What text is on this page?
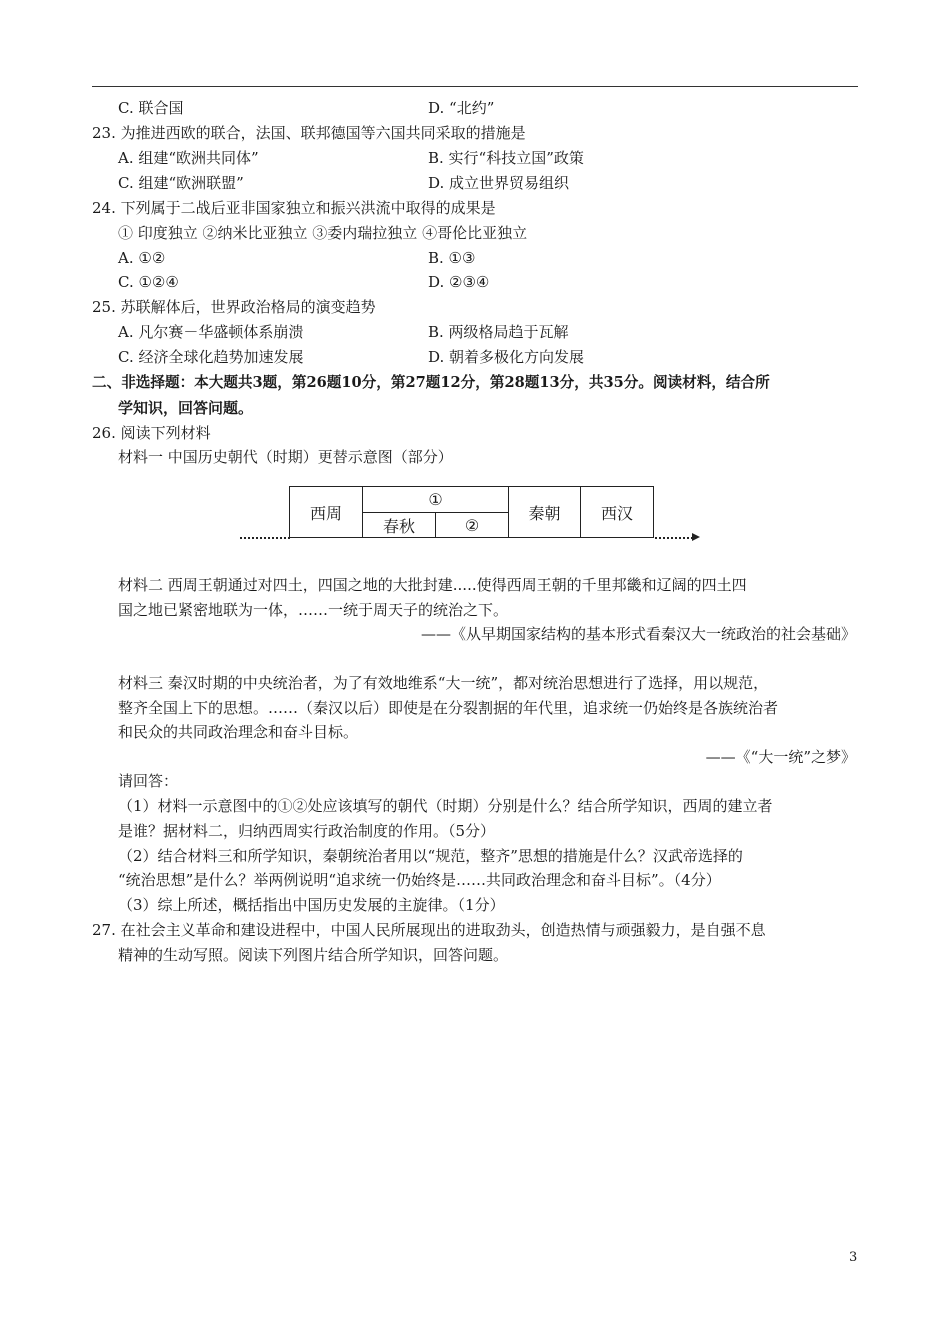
C. 联合国	D. “北约”
23. 为推进西欧的联合，法国、联邦德国等六国共同采取的措施是
A. 组建“欧洲共同体”	B. 实行“科技立国”政策
C. 组建“欧洲联盟”	D. 成立世界贸易组织
24. 下列属于二战后亚非国家独立和振兴洪流中取得的成果是
① 印度独立 ②纳米比亚独立 ③委内瑞拉独立 ④哥伦比亚独立
A. ①②	B. ①③
C. ①②④	D. ②③④
25. 苏联解体后，世界政治格局的演变趋势
A. 凡尔赛－华盛顿体系崩溃	B. 两级格局趋于瓦解
C. 经济全球化趋势加速发展	D. 朝着多极化方向发展
二、非选择题：本大题共3题，第26题10分，第27题12分，第28题13分，共35分。阅读材料，结合所
学知识，回答问题。
26. 阅读下列材料
材料一 中国历史朝代（时期）更替示意图（部分）
西周
①
春秋	②
秦朝	西汉
材料二 西周王朝通过对四土，四国之地的大批封建.....使得西周王朝的千里邦畿和辽阔的四土四
国之地已紧密地联为一体，……一统于周天子的统治之下。
——《从早期国家结构的基本形式看秦汉大一统政治的社会基础》
材料三 秦汉时期的中央统治者，为了有效地维系“大一统”，都对统治思想进行了选择，用以规范，
整齐全国上下的思想。……（秦汉以后）即使是在分裂割据的年代里，追求统一仍始终是各族统治者
和民众的共同政治理念和奋斗目标。
——《“大一统”之梦》
请回答：
（1）材料一示意图中的①②处应该填写的朝代（时期）分别是什么？结合所学知识，西周的建立者
是谁？据材料二，归纳西周实行政治制度的作用。（5分）
（2）结合材料三和所学知识，秦朝统治者用以“规范，整齐”思想的措施是什么？汉武帝选择的
“统治思想”是什么？举两例说明“追求统一仍始终是……共同政治理念和奋斗目标”。（4分）
（3）综上所述，概括指出中国历史发展的主旋律。（1分）
27. 在社会主义革命和建设进程中，中国人民所展现出的进取劲头，创造热情与顽强毅力，是自强不息
精神的生动写照。阅读下列图片结合所学知识，回答问题。
3
